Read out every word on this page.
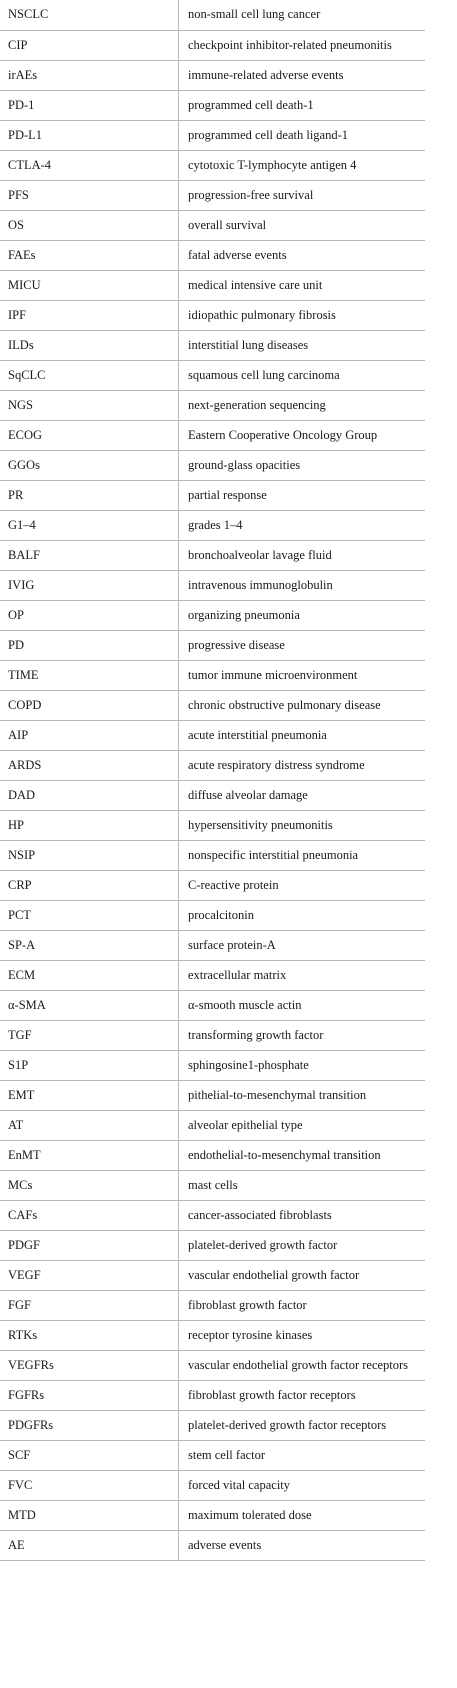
NSCLC	non-small cell lung cancer
CIP	checkpoint inhibitor-related pneumonitis
irAEs	immune-related adverse events
PD-1	programmed cell death-1
PD-L1	programmed cell death ligand-1
CTLA-4	cytotoxic T-lymphocyte antigen 4
PFS	progression-free survival
OS	overall survival
FAEs	fatal adverse events
MICU	medical intensive care unit
IPF	idiopathic pulmonary fibrosis
ILDs	interstitial lung diseases
SqCLC	squamous cell lung carcinoma
NGS	next-generation sequencing
ECOG	Eastern Cooperative Oncology Group
GGOs	ground-glass opacities
PR	partial response
G1–4	grades 1–4
BALF	bronchoalveolar lavage fluid
IVIG	intravenous immunoglobulin
OP	organizing pneumonia
PD	progressive disease
TIME	tumor immune microenvironment
COPD	chronic obstructive pulmonary disease
AIP	acute interstitial pneumonia
ARDS	acute respiratory distress syndrome
DAD	diffuse alveolar damage
HP	hypersensitivity pneumonitis
NSIP	nonspecific interstitial pneumonia
CRP	C-reactive protein
PCT	procalcitonin
SP-A	surface protein-A
ECM	extracellular matrix
α-SMA	α-smooth muscle actin
TGF	transforming growth factor
S1P	sphingosine1-phosphate
EMT	pithelial-to-mesenchymal transition
AT	alveolar epithelial type
EnMT	endothelial-to-mesenchymal transition
MCs	mast cells
CAFs	cancer-associated fibroblasts
PDGF	platelet-derived growth factor
VEGF	vascular endothelial growth factor
FGF	fibroblast growth factor
RTKs	receptor tyrosine kinases
VEGFRs	vascular endothelial growth factor receptors
FGFRs	fibroblast growth factor receptors
PDGFRs	platelet-derived growth factor receptors
SCF	stem cell factor
FVC	forced vital capacity
MTD	maximum tolerated dose
AE	adverse events
